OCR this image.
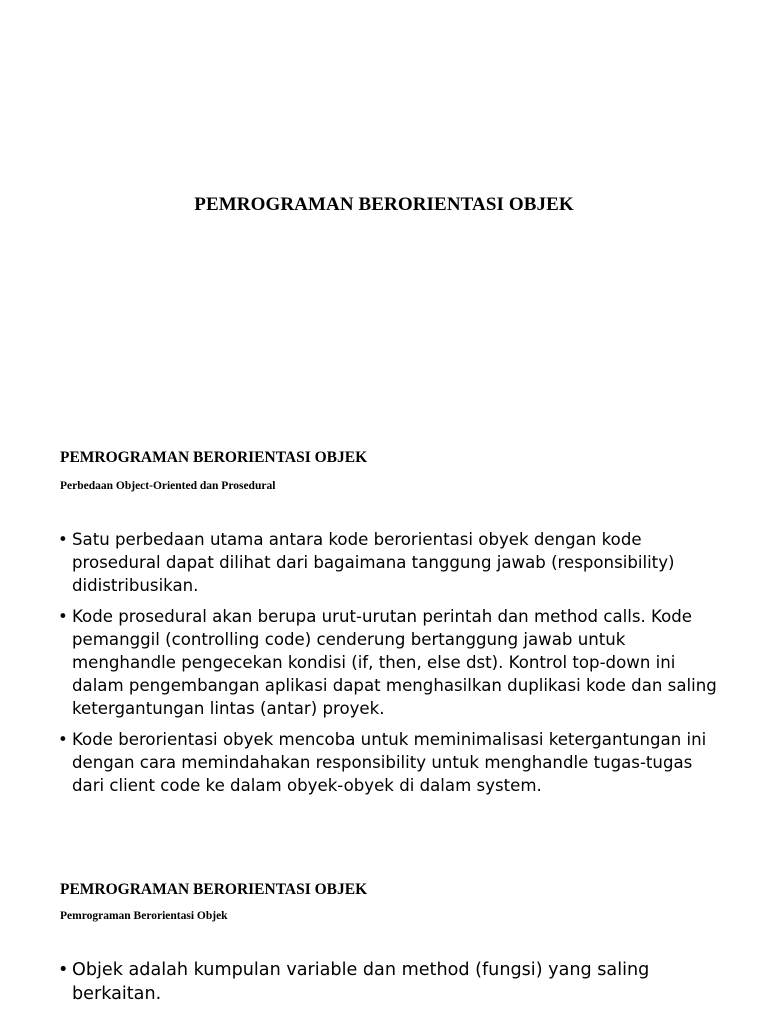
PEMROGRAMAN BERORIENTASI OBJEK
PEMROGRAMAN BERORIENTASI OBJEK
Perbedaan Object-Oriented dan Prosedural
• Satu perbedaan utama antara kode berorientasi obyek dengan kode prosedural dapat dilihat dari bagaimana tanggung jawab (responsibility) didistribusikan.
• Kode prosedural akan berupa urut-urutan perintah dan method calls. Kode pemanggil (controlling code) cenderung bertanggung jawab untuk menghandle pengecekan kondisi (if, then, else dst). Kontrol top-down ini dalam pengembangan aplikasi dapat menghasilkan duplikasi kode dan saling ketergantungan lintas (antar) proyek.
• Kode berorientasi obyek mencoba untuk meminimalisasi ketergantungan ini dengan cara memindahakan responsibility untuk menghandle tugas-tugas dari client code ke dalam obyek-obyek di dalam system.
PEMROGRAMAN BERORIENTASI OBJEK
Pemrograman Berorientasi Objek
• Objek adalah kumpulan variable dan method (fungsi) yang saling berkaitan.
